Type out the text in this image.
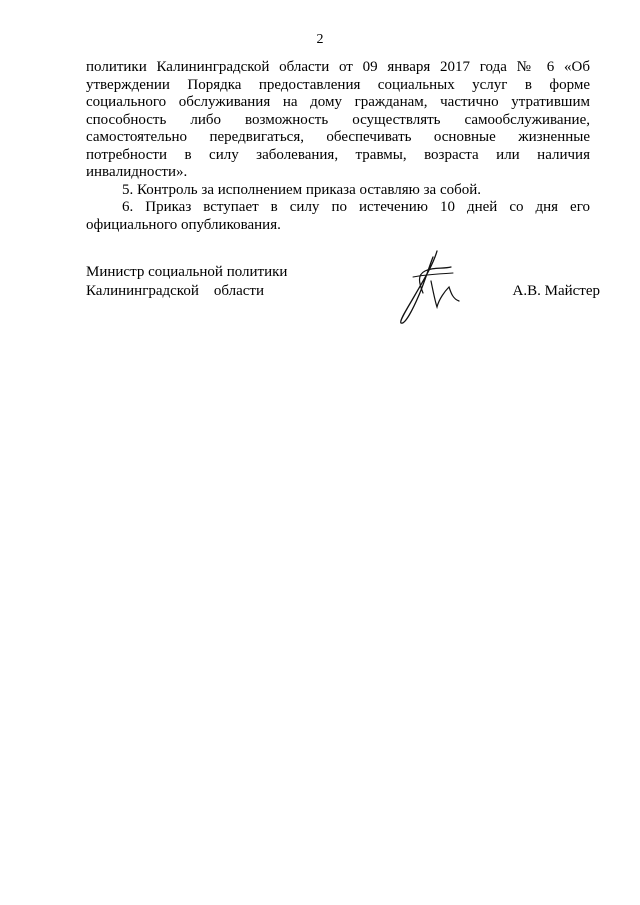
2

политики Калининградской области от 09 января 2017 года № 6 «Об утверждении Порядка предоставления социальных услуг в форме социального обслуживания на дому гражданам, частично утратившим способность либо возможность осуществлять самообслуживание, самостоятельно передвигаться, обеспечивать основные жизненные потребности в силу заболевания, травмы, возраста или наличия инвалидности».

5. Контроль за исполнением приказа оставляю за собой.

6. Приказ вступает в силу по истечению 10 дней со дня его официального опубликования.

Министр социальной политики
Калининградской    области	А.В. Майстер
